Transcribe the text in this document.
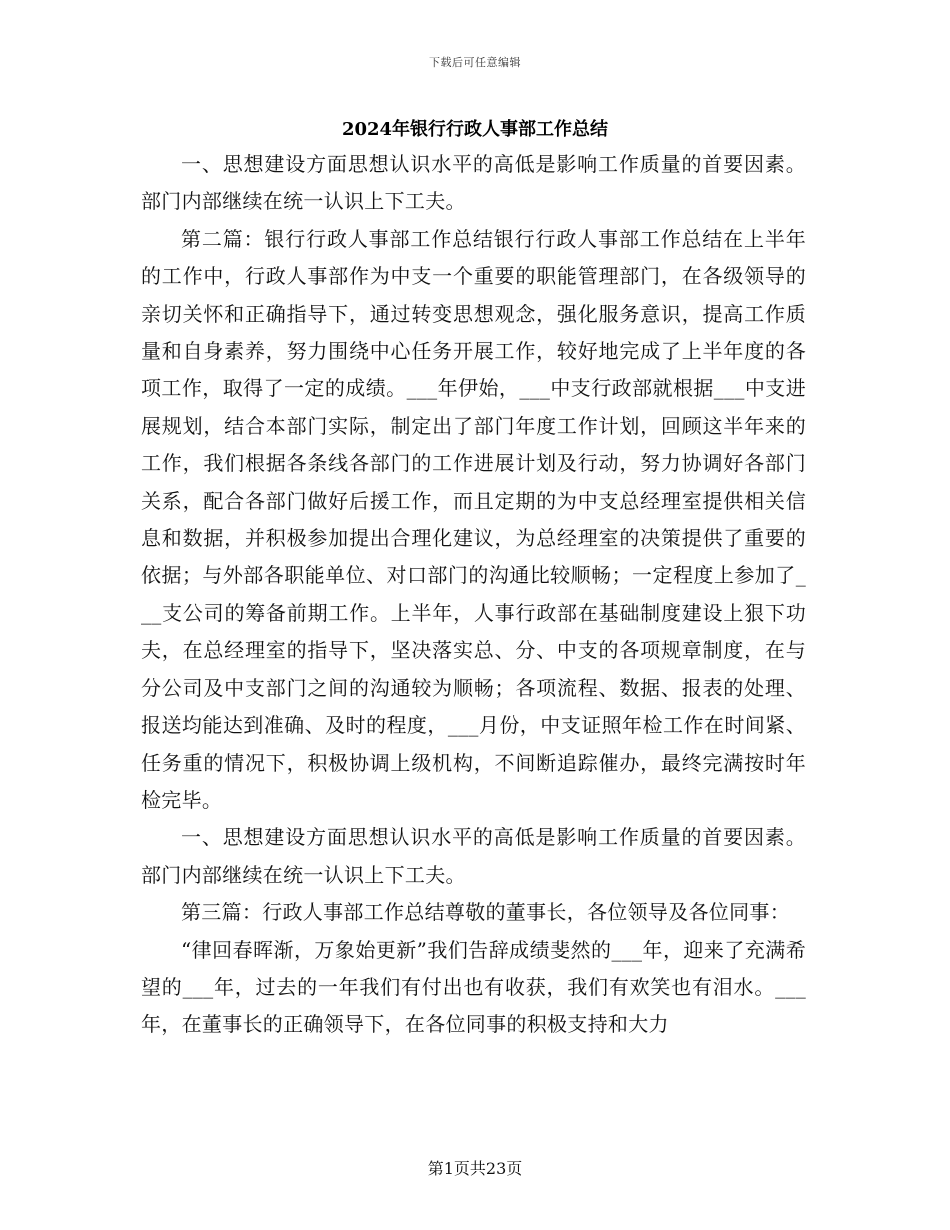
下载后可任意编辑
2024年银行行政人事部工作总结

一、思想建设方面思想认识水平的高低是影响工作质量的首要因素。部门内部继续在统一认识上下工夫。

第二篇：银行行政人事部工作总结银行行政人事部工作总结在上半年的工作中，行政人事部作为中支一个重要的职能管理部门，在各级领导的亲切关怀和正确指导下，通过转变思想观念，强化服务意识，提高工作质量和自身素养，努力围绕中心任务开展工作，较好地完成了上半年度的各项工作，取得了一定的成绩。___年伊始，___中支行政部就根据___中支进展规划，结合本部门实际，制定出了部门年度工作计划，回顾这半年来的工作，我们根据各条线各部门的工作进展计划及行动，努力协调好各部门关系，配合各部门做好后援工作，而且定期的为中支总经理室提供相关信息和数据，并积极参加提出合理化建议，为总经理室的决策提供了重要的依据；与外部各职能单位、对口部门的沟通比较顺畅；一定程度上参加了___支公司的筹备前期工作。上半年，人事行政部在基础制度建设上狠下功夫，在总经理室的指导下，坚决落实总、分、中支的各项规章制度，在与分公司及中支部门之间的沟通较为顺畅；各项流程、数据、报表的处理、报送均能达到准确、及时的程度，___月份，中支证照年检工作在时间紧、任务重的情况下，积极协调上级机构，不间断追踪催办，最终完满按时年检完毕。

一、思想建设方面思想认识水平的高低是影响工作质量的首要因素。部门内部继续在统一认识上下工夫。

第三篇：行政人事部工作总结尊敬的董事长，各位领导及各位同事：

“律回春晖渐，万象始更新”我们告辞成绩斐然的___年，迎来了充满希望的___年，过去的一年我们有付出也有收获，我们有欢笑也有泪水。___年，在董事长的正确领导下，在各位同事的积极支持和大力

第1页共23页
